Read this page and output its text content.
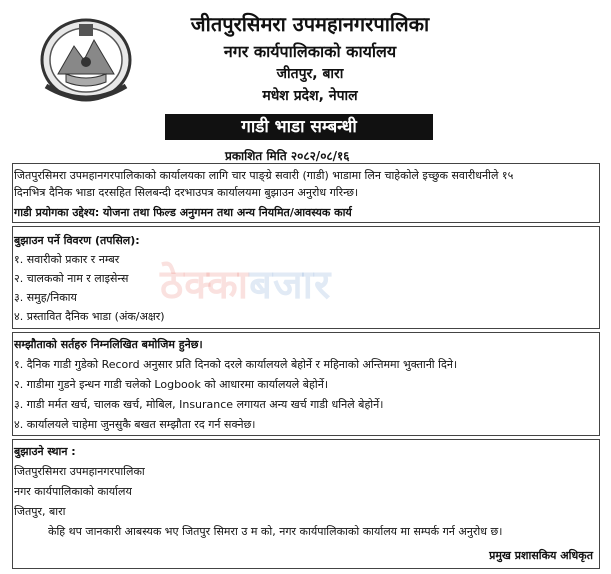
जीतपुरसिमरा उपमहानगरपालिका
नगर कार्यपालिकाको कार्यालय
जीतपुर, बारा
मधेश प्रदेश, नेपाल
गाडी भाडा सम्बन्धी
प्रकाशित मिति २०८२/०८/१६
जितपुरसिमरा उपमहानगरपालिकाको कार्यालयका लागि चार पाङ्ग्रे सवारी (गाडी) भाडामा लिन चाहेकोले इच्छुक सवारीधनीले १५
दिनभित्र दैनिक भाडा दरसहित सिलबन्दी दरभाउपत्र कार्यालयमा बुझाउन अनुरोध गरिन्छ।
गाडी प्रयोगका उद्देश्य: योजना तथा फिल्ड अनुगमन तथा अन्य नियमित/आवस्यक कार्य
ठेक्काबजार
बुझाउन पर्ने विवरण (तपसिल):
१. सवारीको प्रकार र नम्बर
२. चालकको नाम र लाइसेन्स
३. समुह/निकाय
४. प्रस्तावित दैनिक भाडा (अंक/अक्षर)
सम्झौताको सर्तहरु निम्नलिखित बमोजिम हुनेछ।
१. दैनिक गाडी गुडेको Record अनुसार प्रति दिनको दरले कार्यालयले बेहोर्ने र महिनाको अन्तिममा भुक्तानी दिने।
२. गाडीमा गुडने इन्धन गाडी चलेको Logbook को आधारमा कार्यालयले बेहोर्ने।
३. गाडी मर्मत खर्च, चालक खर्च, मोबिल, Insurance लगायत अन्य खर्च गाडी धनिले बेहोर्ने।
४. कार्यालयले चाहेमा जुनसुकै बखत सम्झौता रद गर्न सक्नेछ।
बुझाउने स्थान :
जितपुरसिमरा उपमहानगरपालिका
नगर कार्यपालिकाको कार्यालय
जितपुर, बारा
केहि थप जानकारी आबस्यक भए जितपुर सिमरा उ म को, नगर कार्यपालिकाको कार्यालय मा सम्पर्क गर्न अनुरोध छ।
प्रमुख प्रशासकिय अधिकृत
